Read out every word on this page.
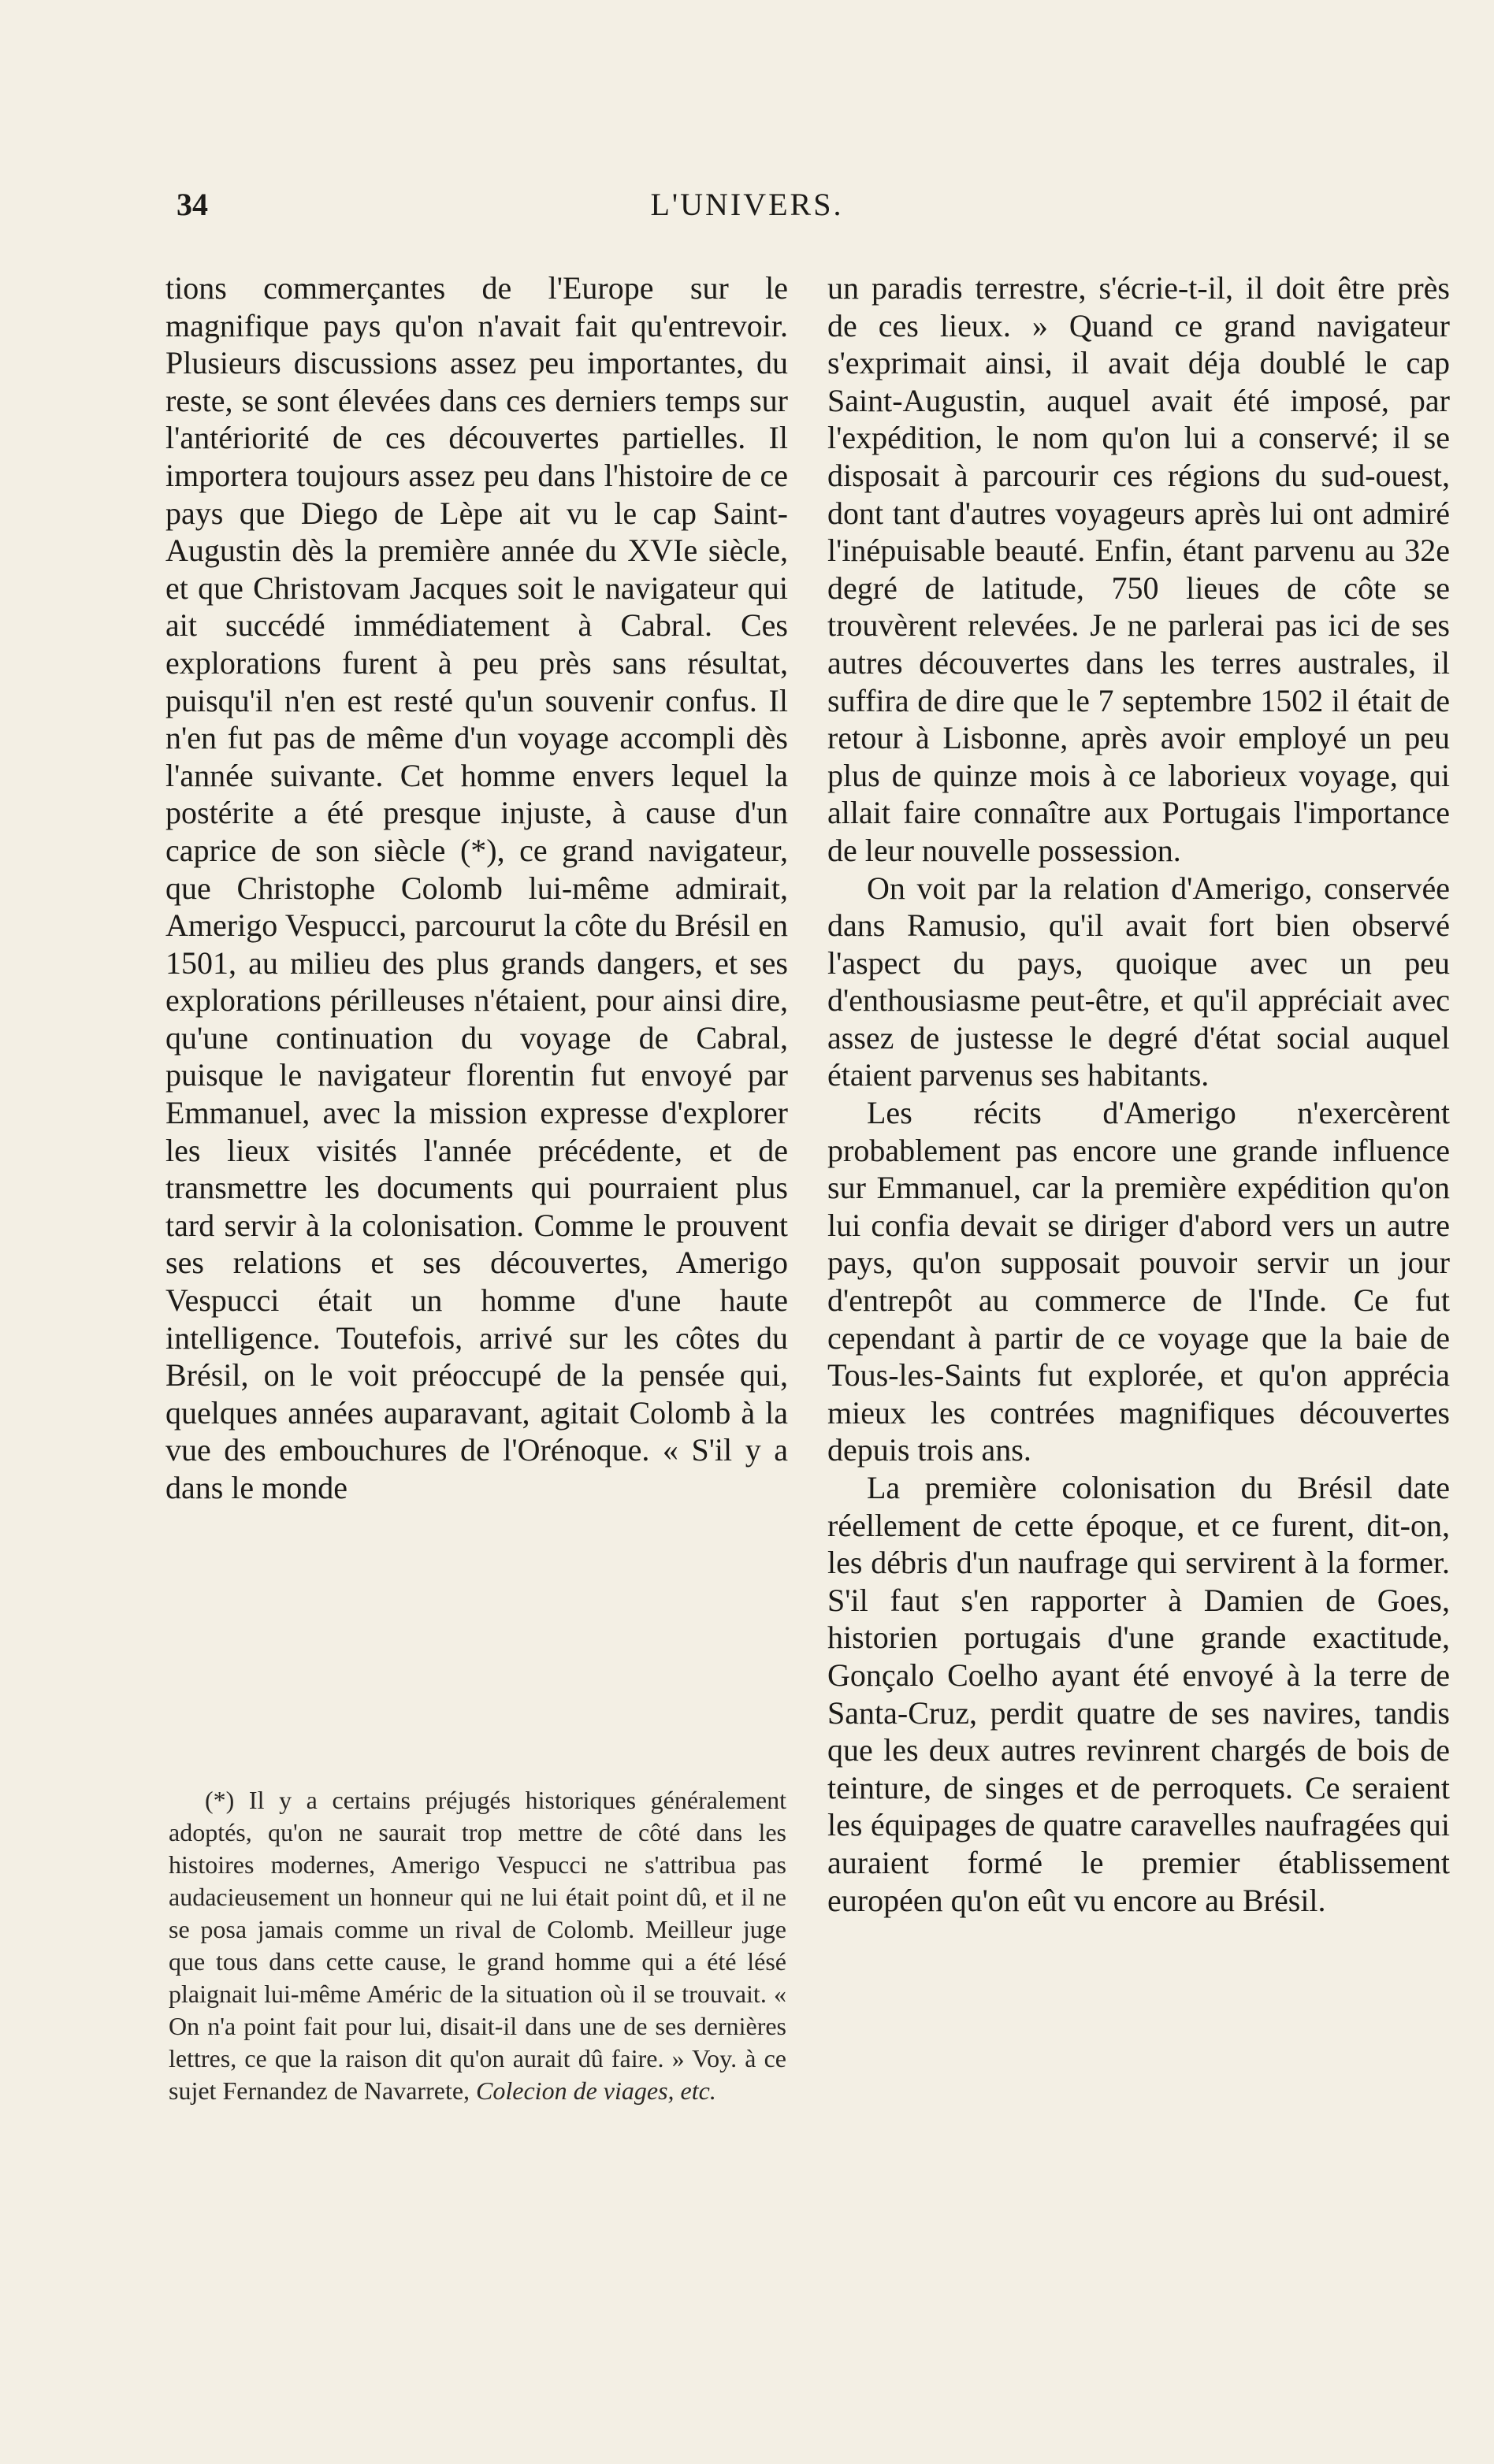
34	L'UNIVERS.

tions commerçantes de l'Europe sur le magnifique pays qu'on n'avait fait qu'entrevoir. Plusieurs discussions assez peu importantes, du reste, se sont élevées dans ces derniers temps sur l'antériorité de ces découvertes partielles. Il importera toujours assez peu dans l'histoire de ce pays que Diego de Lèpe ait vu le cap Saint-Augustin dès la première année du XVIe siècle, et que Christovam Jacques soit le navigateur qui ait succédé immédiatement à Cabral. Ces explorations furent à peu près sans résultat, puisqu'il n'en est resté qu'un souvenir confus. Il n'en fut pas de même d'un voyage accompli dès l'année suivante. Cet homme envers lequel la postérite a été presque injuste, à cause d'un caprice de son siècle (*), ce grand navigateur, que Christophe Colomb lui-même admirait, Amerigo Vespucci, parcourut la côte du Brésil en 1501, au milieu des plus grands dangers, et ses explorations périlleuses n'étaient, pour ainsi dire, qu'une continuation du voyage de Cabral, puisque le navigateur florentin fut envoyé par Emmanuel, avec la mission expresse d'explorer les lieux visités l'année précédente, et de transmettre les documents qui pourraient plus tard servir à la colonisation. Comme le prouvent ses relations et ses découvertes, Amerigo Vespucci était un homme d'une haute intelligence. Toutefois, arrivé sur les côtes du Brésil, on le voit préoccupé de la pensée qui, quelques années auparavant, agitait Colomb à la vue des embouchures de l'Orénoque. « S'il y a dans le monde

(*) Il y a certains préjugés historiques généralement adoptés, qu'on ne saurait trop mettre de côté dans les histoires modernes, Amerigo Vespucci ne s'attribua pas audacieusement un honneur qui ne lui était point dû, et il ne se posa jamais comme un rival de Colomb. Meilleur juge que tous dans cette cause, le grand homme qui a été lésé plaignait lui-même Améric de la situation où il se trouvait. « On n'a point fait pour lui, disait-il dans une de ses dernières lettres, ce que la raison dit qu'on aurait dû faire. » Voy. à ce sujet Fernandez de Navarrete, Colecion de viages, etc.

un paradis terrestre, s'écrie-t-il, il doit être près de ces lieux. » Quand ce grand navigateur s'exprimait ainsi, il avait déja doublé le cap Saint-Augustin, auquel avait été imposé, par l'expédition, le nom qu'on lui a conservé; il se disposait à parcourir ces régions du sud-ouest, dont tant d'autres voyageurs après lui ont admiré l'inépuisable beauté. Enfin, étant parvenu au 32e degré de latitude, 750 lieues de côte se trouvèrent relevées. Je ne parlerai pas ici de ses autres découvertes dans les terres australes, il suffira de dire que le 7 septembre 1502 il était de retour à Lisbonne, après avoir employé un peu plus de quinze mois à ce laborieux voyage, qui allait faire connaître aux Portugais l'importance de leur nouvelle possession.

On voit par la relation d'Amerigo, conservée dans Ramusio, qu'il avait fort bien observé l'aspect du pays, quoique avec un peu d'enthousiasme peut-être, et qu'il appréciait avec assez de justesse le degré d'état social auquel étaient parvenus ses habitants.

Les récits d'Amerigo n'exercèrent probablement pas encore une grande influence sur Emmanuel, car la première expédition qu'on lui confia devait se diriger d'abord vers un autre pays, qu'on supposait pouvoir servir un jour d'entrepôt au commerce de l'Inde. Ce fut cependant à partir de ce voyage que la baie de Tous-les-Saints fut explorée, et qu'on apprécia mieux les contrées magnifiques découvertes depuis trois ans.

La première colonisation du Brésil date réellement de cette époque, et ce furent, dit-on, les débris d'un naufrage qui servirent à la former. S'il faut s'en rapporter à Damien de Goes, historien portugais d'une grande exactitude, Gonçalo Coelho ayant été envoyé à la terre de Santa-Cruz, perdit quatre de ses navires, tandis que les deux autres revinrent chargés de bois de teinture, de singes et de perroquets. Ce seraient les équipages de quatre caravelles naufragées qui auraient formé le premier établissement européen qu'on eût vu encore au Brésil.
